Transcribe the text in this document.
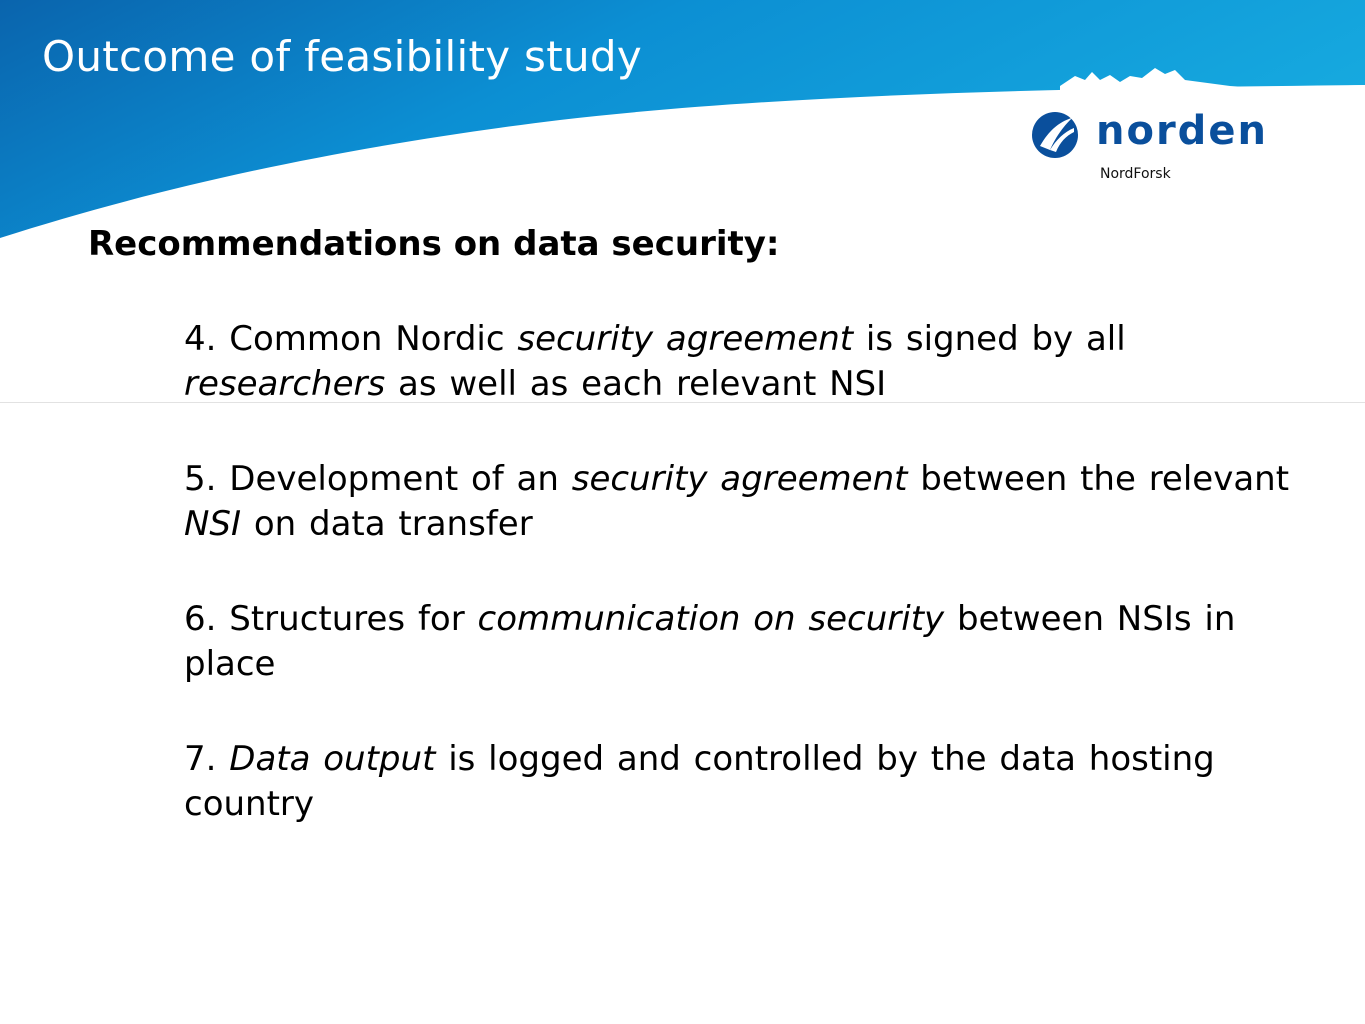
Outcome of feasibility study
norden
NordForsk
Recommendations on data security:
4. Common Nordic security agreement is signed by all researchers as well as each relevant NSI
5. Development of an security agreement between the relevant NSI on data transfer
6. Structures for communication on security between NSIs in place
7. Data output is logged and controlled by the data hosting country
